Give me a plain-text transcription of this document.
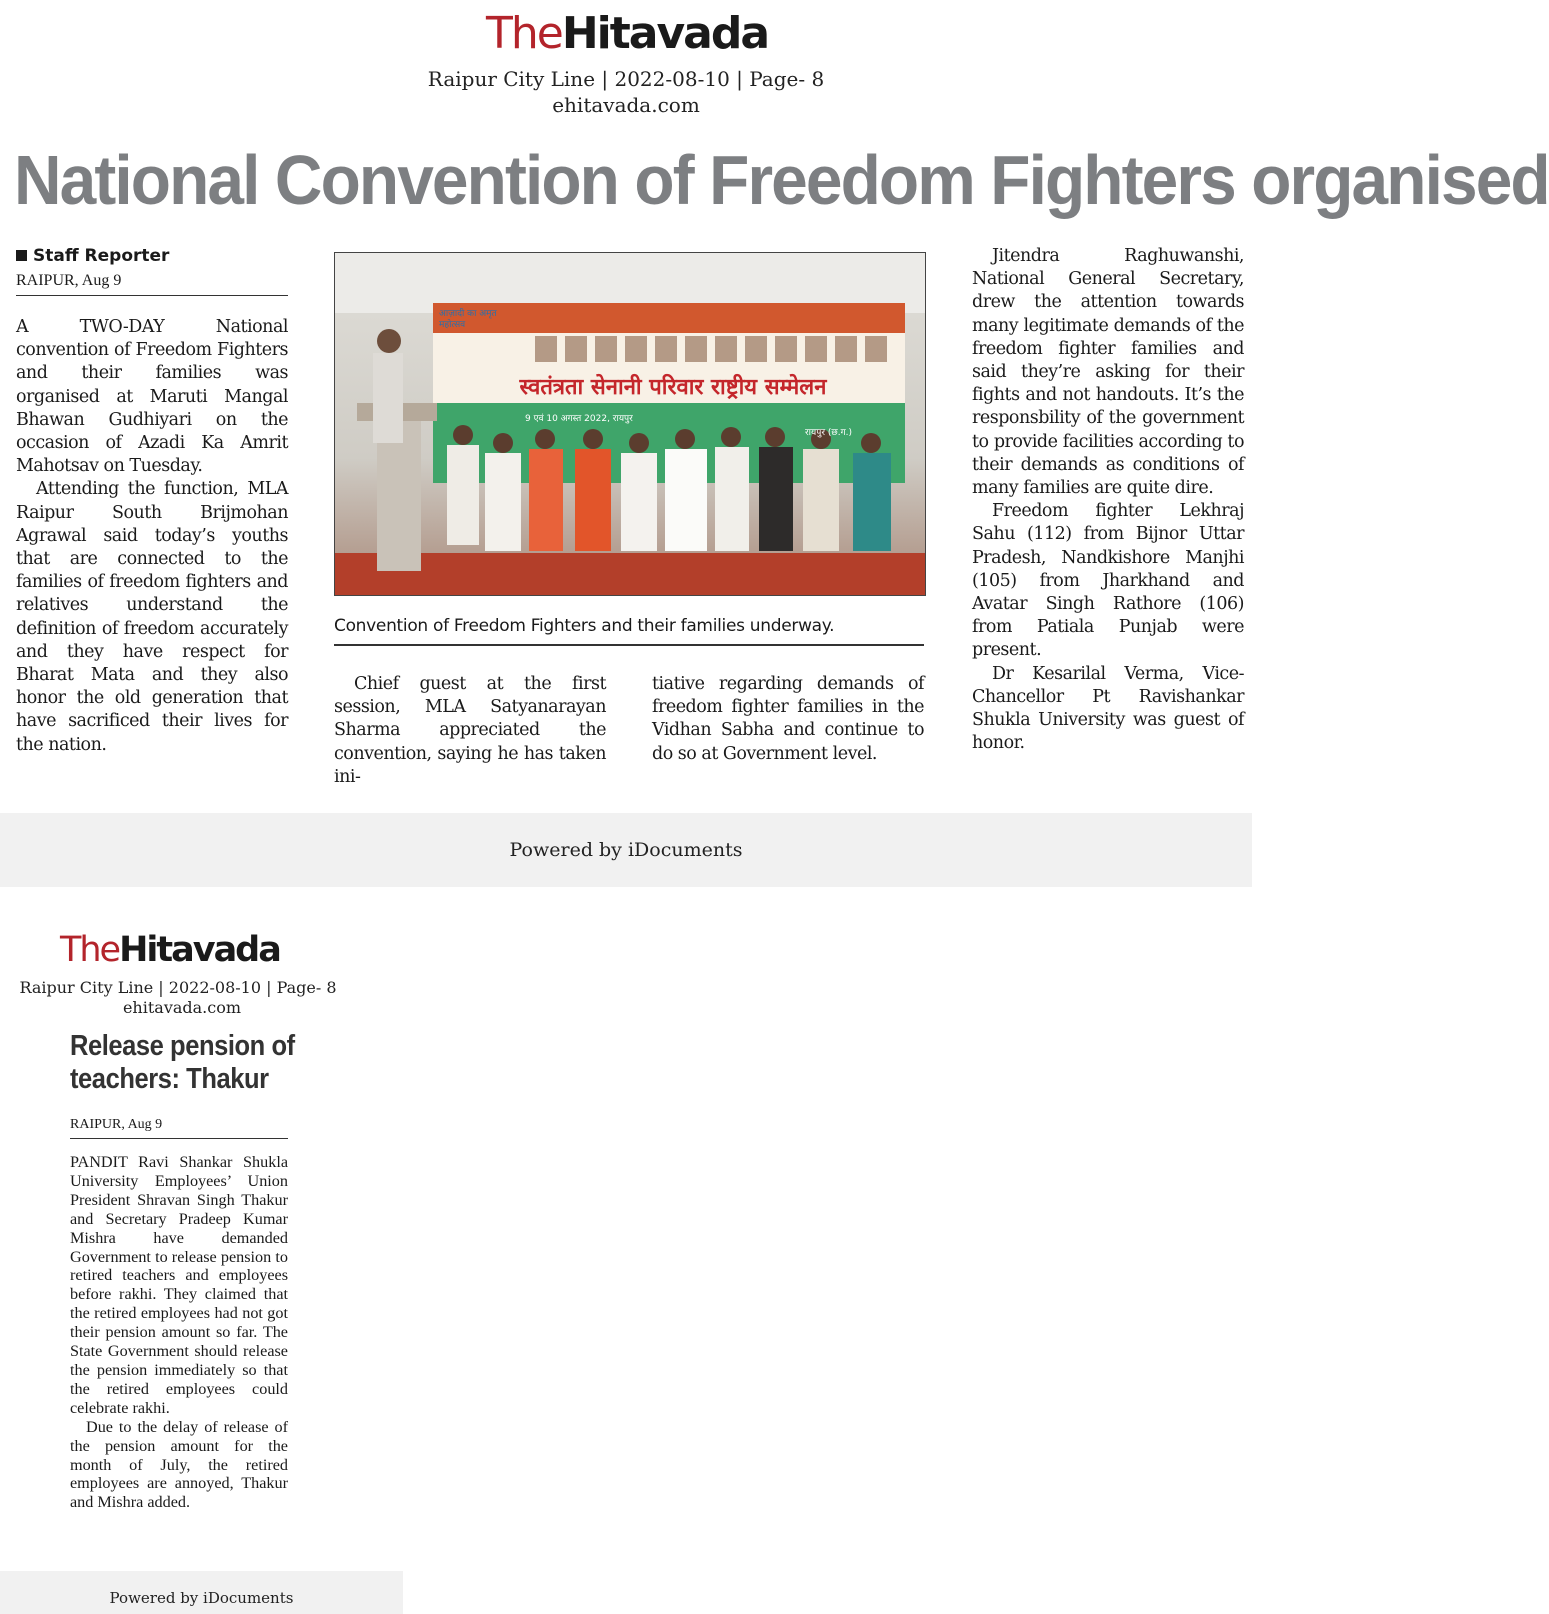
TheHitavada
Raipur City Line | 2022-08-10 | Page- 8
ehitavada.com
National Convention of Freedom Fighters organised
Staff Reporter
RAIPUR, Aug 9

A TWO-DAY National convention of Freedom Fighters and their families was organised at Maruti Mangal Bhawan Gudhiyari on the occasion of Azadi Ka Amrit Mahotsav on Tuesday.

Attending the function, MLA Raipur South Brijmohan Agrawal said today’s youths that are connected to the families of freedom fighters and relatives understand the definition of freedom accurately and they have respect for Bharat Mata and they also honor the old generation that have sacrificed their lives for the nation.

आज़ादी का अमृत महोत्सव
स्वतंत्रता सेनानी परिवार राष्ट्रीय सम्मेलन
9 एवं 10 अगस्त 2022, रायपुर
रायपुर (छ.ग.)
Convention of Freedom Fighters and their families underway.

Chief guest at the first session, MLA Satyanarayan Sharma appreciated the convention, saying he has taken ini-

tiative regarding demands of freedom fighter families in the Vidhan Sabha and continue to do so at Government level.

Jitendra Raghuwanshi, National General Secretary, drew the attention towards many legitimate demands of the freedom fighter families and said they’re asking for their fights and not handouts. It’s the responsbility of the government to provide facilities according to their demands as conditions of many families are quite dire.

Freedom fighter Lekhraj Sahu (112) from Bijnor Uttar Pradesh, Nandkishore Manjhi (105) from Jharkhand and Avatar Singh Rathore (106) from Patiala Punjab were present.

Dr Kesarilal Verma, Vice-Chancellor Pt Ravishankar Shukla University was guest of honor.

Powered by iDocuments
TheHitavada
Raipur City Line | 2022-08-10 | Page- 8
ehitavada.com

Release pension of teachers: Thakur

RAIPUR, Aug 9

PANDIT Ravi Shankar Shukla University Employees’ Union President Shravan Singh Thakur and Secretary Pradeep Kumar Mishra have demanded Government to release pension to retired teachers and employees before rakhi. They claimed that the retired employees had not got their pension amount so far. The State Government should release the pension immediately so that the retired employees could celebrate rakhi.

Due to the delay of release of the pension amount for the month of July, the retired employees are annoyed, Thakur and Mishra added.

Powered by iDocuments
